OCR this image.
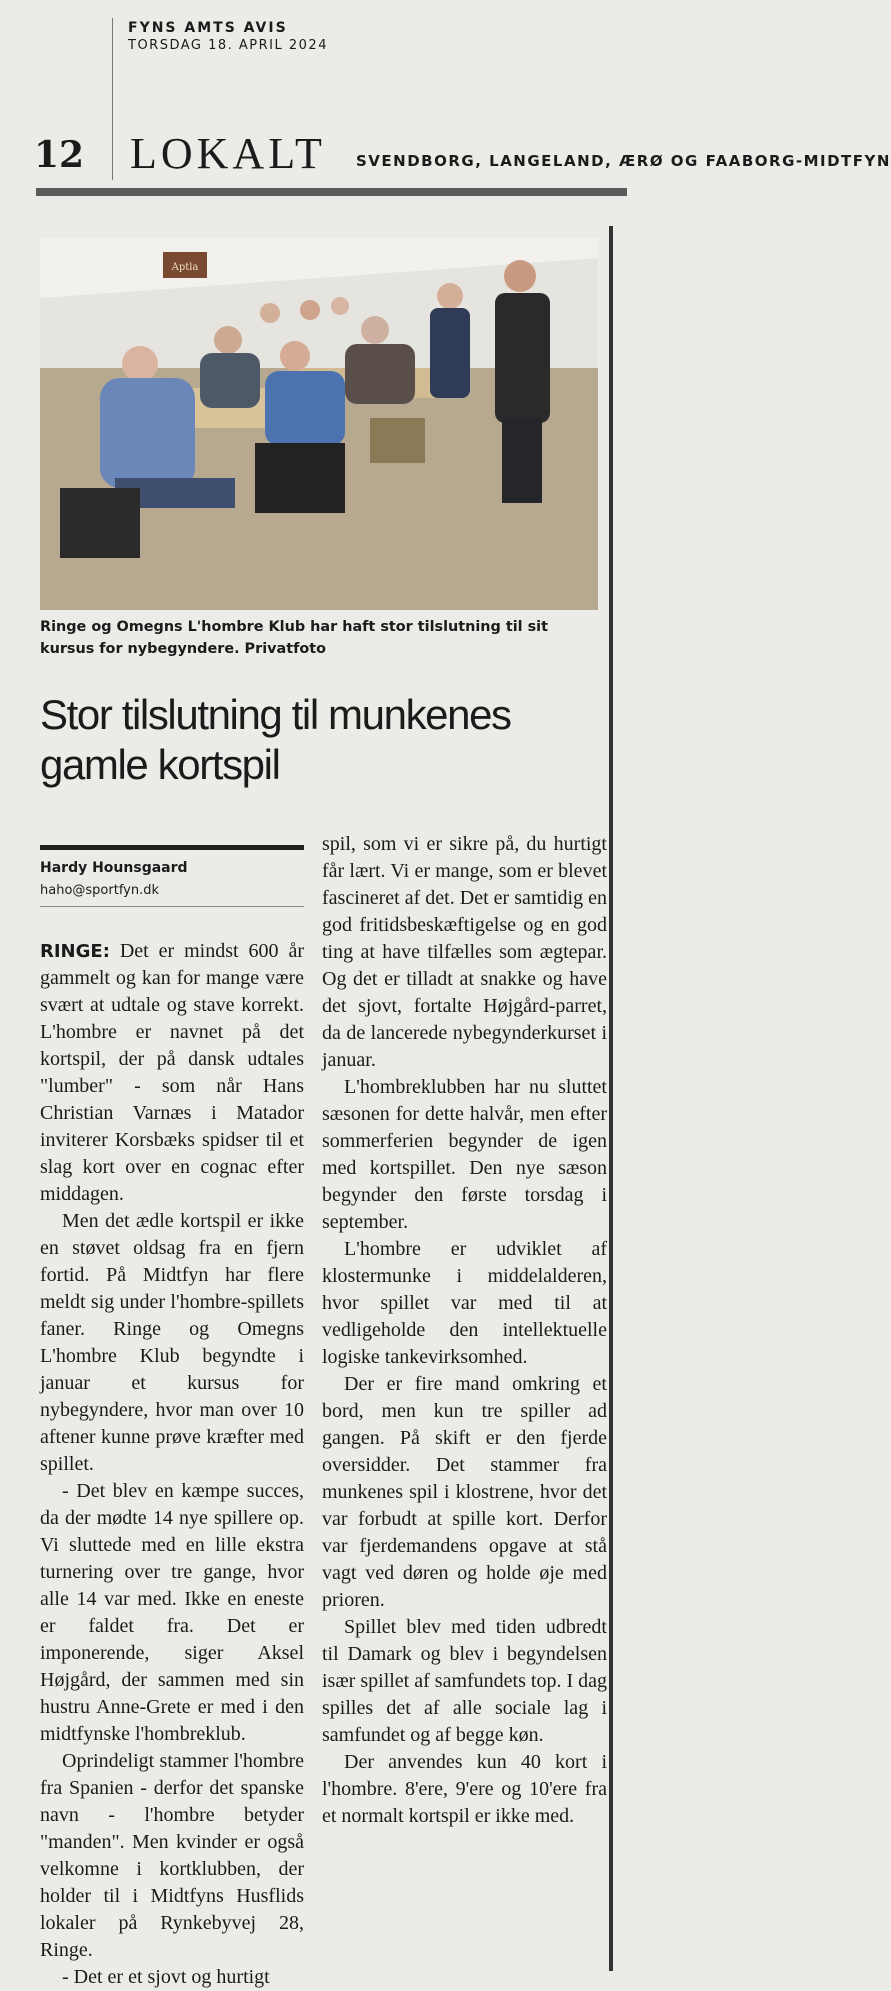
FYNS AMTS AVIS
TORSDAG 18. APRIL 2024
12 LOKALT SVENDBORG, LANGELAND, ÆRØ OG FAABORG-MIDTFYN
Aptla
Ringe og Omegns L'hombre Klub har haft stor tilslutning til sit kursus for nybegyndere. Privatfoto
Stor tilslutning til munkenes gamle kortspil
Hardy Hounsgaard
haho@sportfyn.dk

RINGE: Det er mindst 600 år gammelt og kan for mange være svært at udtale og stave korrekt. L'hombre er navnet på det kortspil, der på dansk udtales "lumber" - som når Hans Christian Varnæs i Matador inviterer Korsbæks spidser til et slag kort over en cognac efter middagen.

Men det ædle kortspil er ikke en støvet oldsag fra en fjern fortid. På Midtfyn har flere meldt sig under l'hombre-spillets faner. Ringe og Omegns L'hombre Klub begyndte i januar et kursus for nybegyndere, hvor man over 10 aftener kunne prøve kræfter med spillet.

- Det blev en kæmpe succes, da der mødte 14 nye spillere op. Vi sluttede med en lille ekstra turnering over tre gange, hvor alle 14 var med. Ikke en eneste er faldet fra. Det er imponerende, siger Aksel Højgård, der sammen med sin hustru Anne-Grete er med i den midtfynske l'hombreklub.

Oprindeligt stammer l'hombre fra Spanien - derfor det spanske navn - l'hombre betyder "manden". Men kvinder er også velkomne i kortklubben, der holder til i Midtfyns Husflids lokaler på Rynkebyvej 28, Ringe.

- Det er et sjovt og hurtigt

spil, som vi er sikre på, du hurtigt får lært. Vi er mange, som er blevet fascineret af det. Det er samtidig en god fritidsbeskæftigelse og en god ting at have tilfælles som ægtepar. Og det er tilladt at snakke og have det sjovt, fortalte Højgård-parret, da de lancerede nybegynderkurset i januar.

L'hombreklubben har nu sluttet sæsonen for dette halvår, men efter sommerferien begynder de igen med kortspillet. Den nye sæson begynder den første torsdag i september.

L'hombre er udviklet af klostermunke i middelalderen, hvor spillet var med til at vedligeholde den intellektuelle logiske tankevirksomhed.

Der er fire mand omkring et bord, men kun tre spiller ad gangen. På skift er den fjerde oversidder. Det stammer fra munkenes spil i klostrene, hvor det var forbudt at spille kort. Derfor var fjerdemandens opgave at stå vagt ved døren og holde øje med prioren.

Spillet blev med tiden udbredt til Damark og blev i begyndelsen især spillet af samfundets top. I dag spilles det af alle sociale lag i samfundet og af begge køn.

Der anvendes kun 40 kort i l'hombre. 8'ere, 9'ere og 10'ere fra et normalt kortspil er ikke med.
